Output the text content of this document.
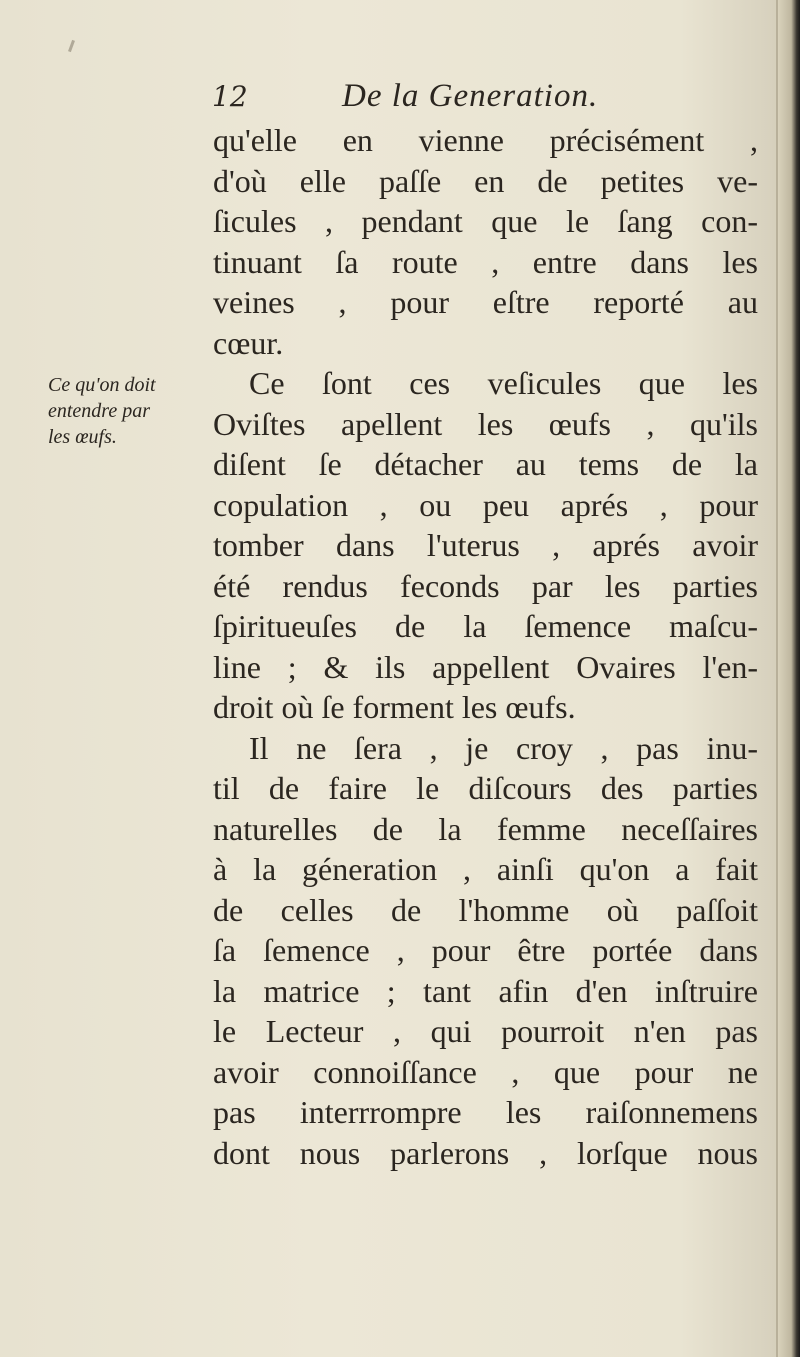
12	De la Generation.
Ce qu'on doit
entendre par
les œufs.
qu'elle en vienne précisément ,
d'où elle paſſe en de petites ve-
ſicules , pendant que le ſang con-
tinuant ſa route , entre dans les
veines , pour eſtre reporté au
cœur.
Ce ſont ces veſicules que les
Oviſtes apellent les œufs , qu'ils
diſent ſe détacher au tems de la
copulation , ou peu aprés , pour
tomber dans l'uterus , aprés avoir
été rendus feconds par les parties
ſpiritueuſes de la ſemence maſcu-
line ; & ils appellent Ovaires l'en-
droit où ſe forment les œufs.
Il ne ſera , je croy , pas inu-
til de faire le diſcours des parties
naturelles de la femme neceſſaires
à la géneration , ainſi qu'on a fait
de celles de l'homme où paſſoit
ſa ſemence , pour être portée dans
la matrice ; tant afin d'en inſtruire
le Lecteur , qui pourroit n'en pas
avoir connoiſſance , que pour ne
pas interrrompre les raiſonnemens
dont nous parlerons , lorſque nous
